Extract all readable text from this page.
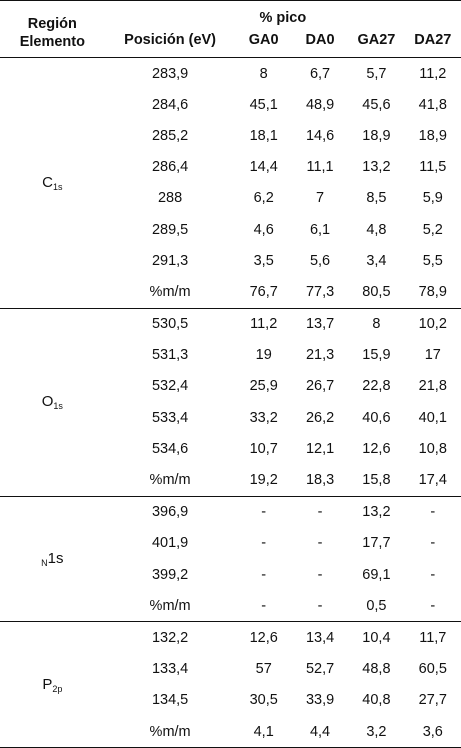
Región
Elemento	% pico				
	Posición (eV)	GA0	DA0	GA27	DA27
$C_{1s}$	283,9	8	6,7	5,7	11,2
	284,6	45,1	48,9	45,6	41,8
	285,2	18,1	14,6	18,9	18,9
	286,4	14,4	11,1	13,2	11,5
	288	6,2	7	8,5	5,9
	289,5	4,6	6,1	4,8	5,2
	291,3	3,5	5,6	3,4	5,5
	%m/m	76,7	77,3	80,5	78,9
$O_{1s}$	530,5	11,2	13,7	8	10,2
	531,3	19	21,3	15,9	17
	532,4	25,9	26,7	22,8	21,8
	533,4	33,2	26,2	40,6	40,1
	534,6	10,7	12,1	12,6	10,8
	%m/m	19,2	18,3	15,8	17,4
$_N$1s	396,9	-	-	13,2	-
	401,9	-	-	17,7	-
	399,2	-	-	69,1	-
	%m/m	-	-	0,5	-
$P_{2p}$	132,2	12,6	13,4	10,4	11,7
	133,4	57	52,7	48,8	60,5
	134,5	30,5	33,9	40,8	27,7
	%m/m	4,1	4,4	3,2	3,6
